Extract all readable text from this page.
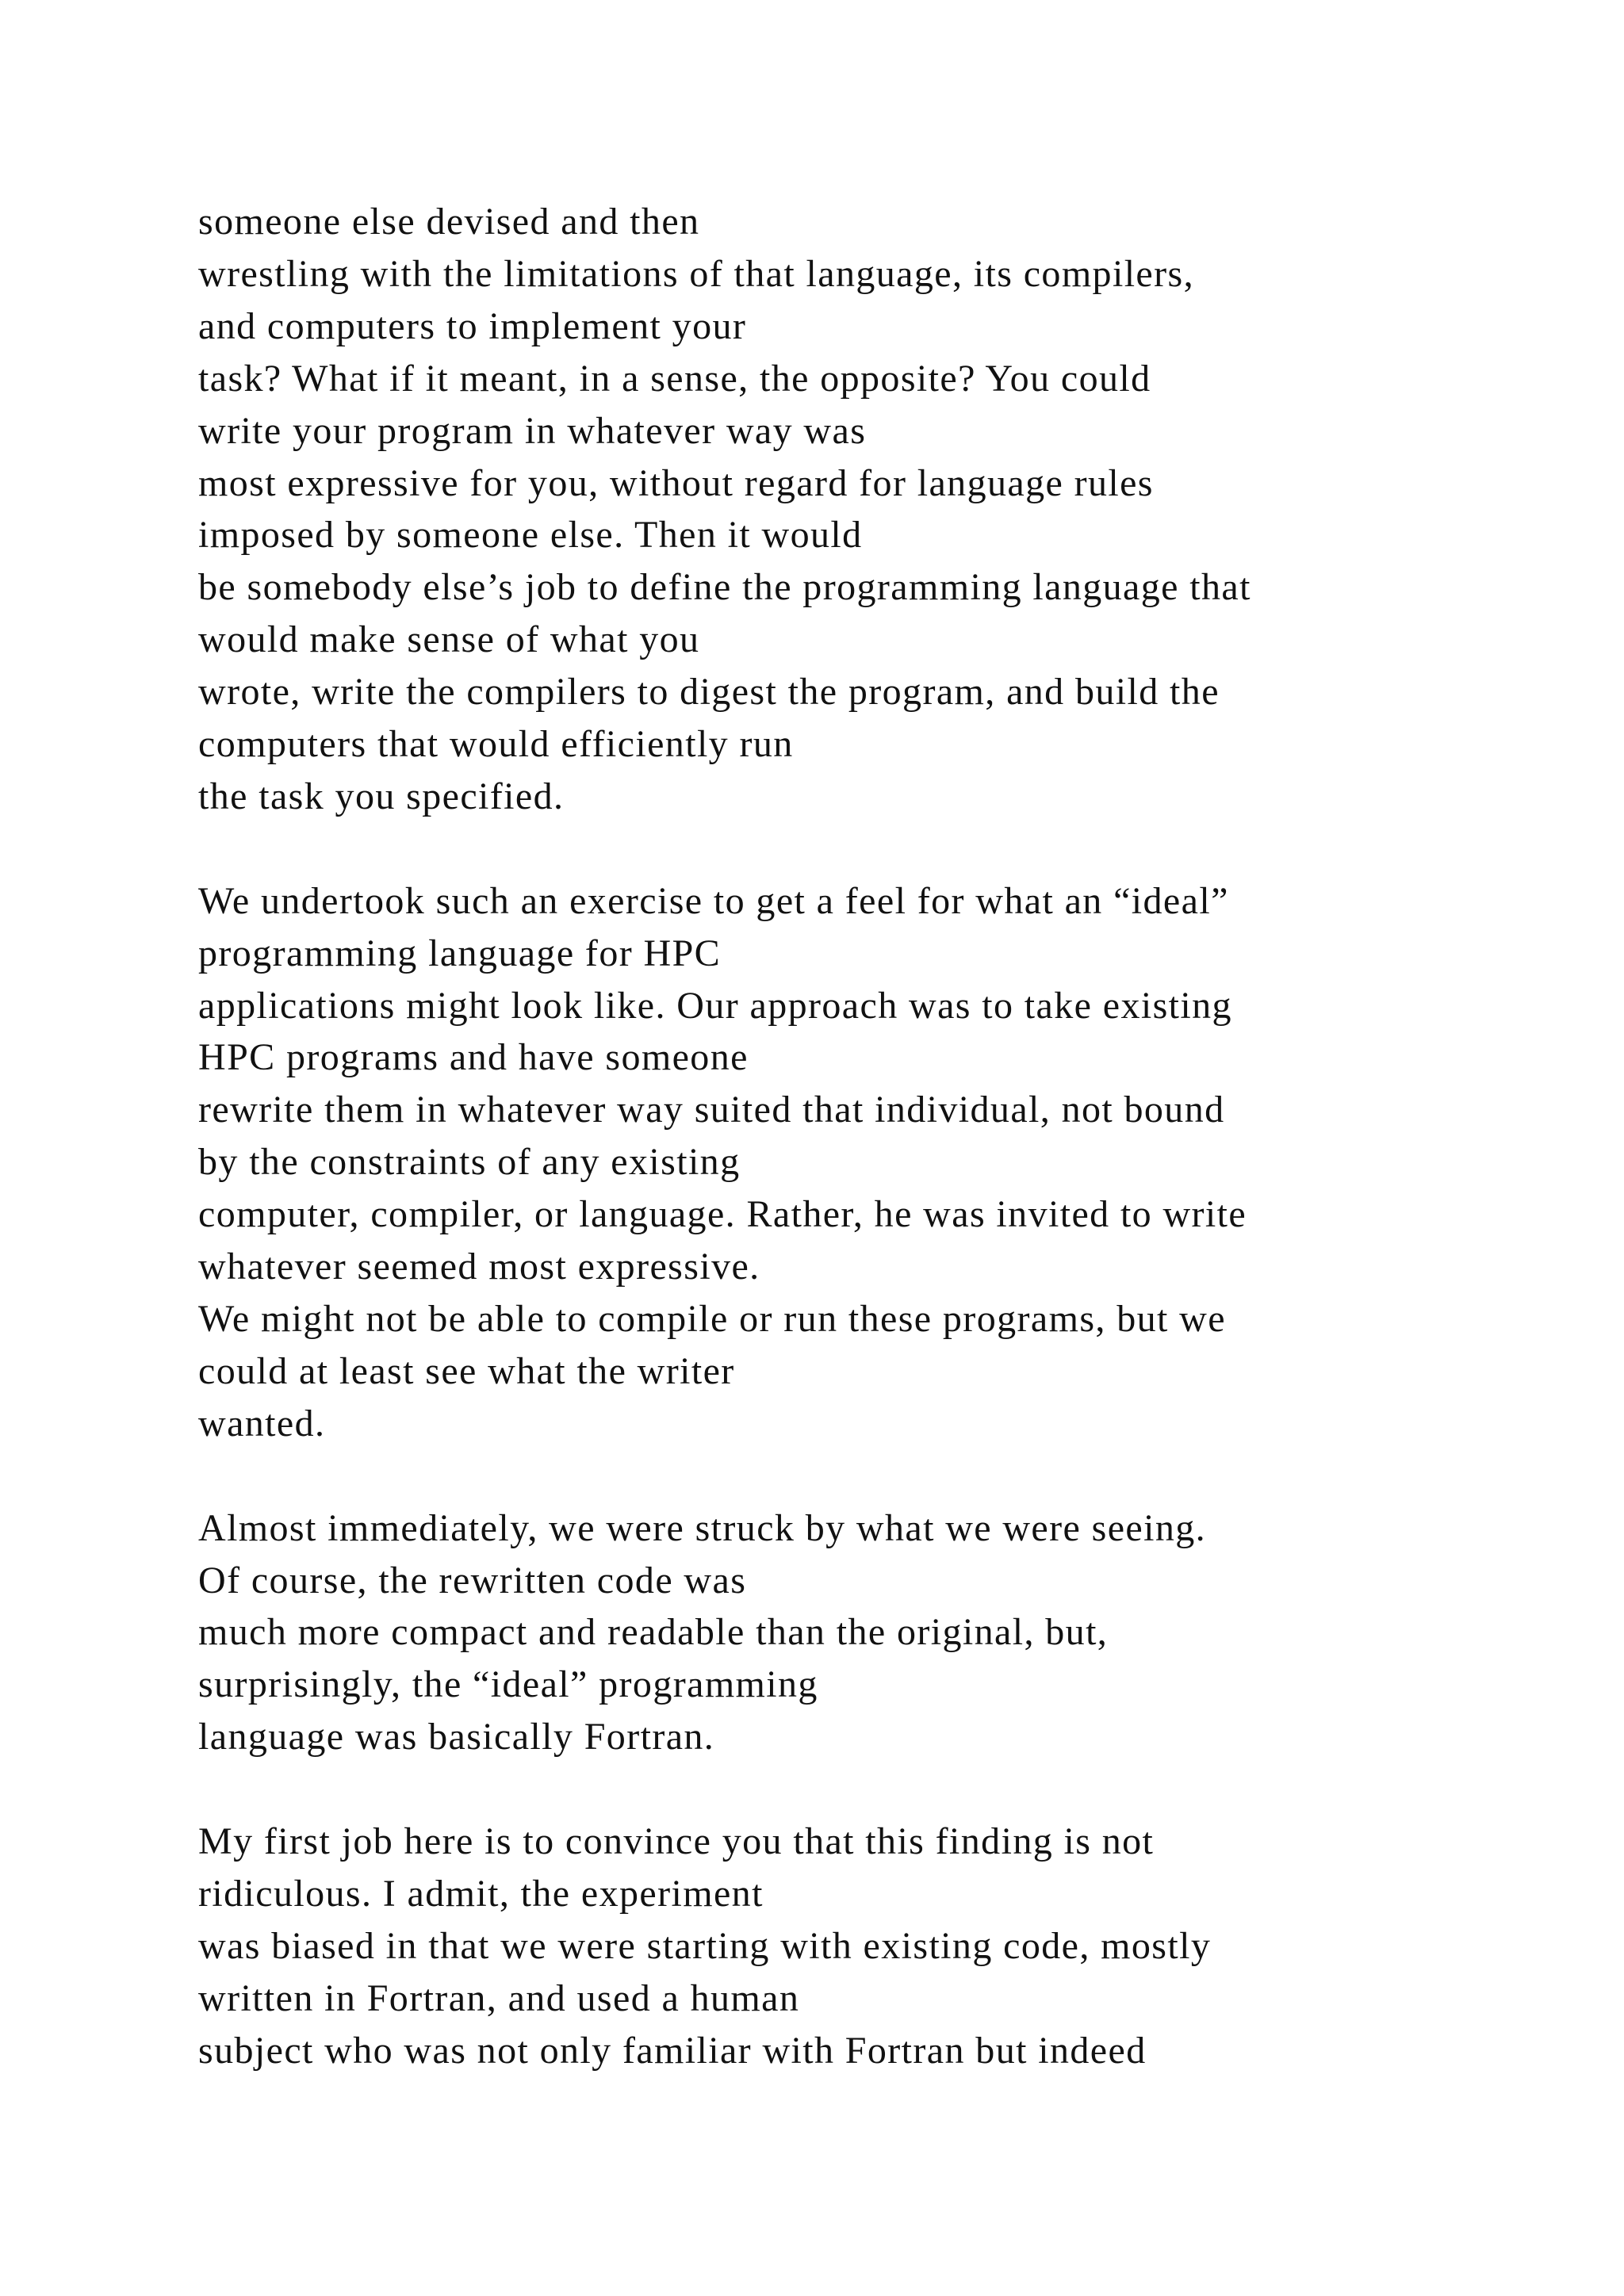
someone else devised and then
wrestling with the limitations of that language, its compilers,
and computers to implement your
task? What if it meant, in a sense, the opposite? You could
write your program in whatever way was
most expressive for you, without regard for language rules
imposed by someone else. Then it would
be somebody else’s job to define the programming language that
would make sense of what you
wrote, write the compilers to digest the program, and build the
computers that would efficiently run
the task you specified.
We undertook such an exercise to get a feel for what an “ideal”
programming language for HPC
applications might look like. Our approach was to take existing
HPC programs and have someone
rewrite them in whatever way suited that individual, not bound
by the constraints of any existing
computer, compiler, or language. Rather, he was invited to write
whatever seemed most expressive.
We might not be able to compile or run these programs, but we
could at least see what the writer
wanted.
Almost immediately, we were struck by what we were seeing.
Of course, the rewritten code was
much more compact and readable than the original, but,
surprisingly, the “ideal” programming
language was basically Fortran.
My first job here is to convince you that this finding is not
ridiculous. I admit, the experiment
was biased in that we were starting with existing code, mostly
written in Fortran, and used a human
subject who was not only familiar with Fortran but indeed
